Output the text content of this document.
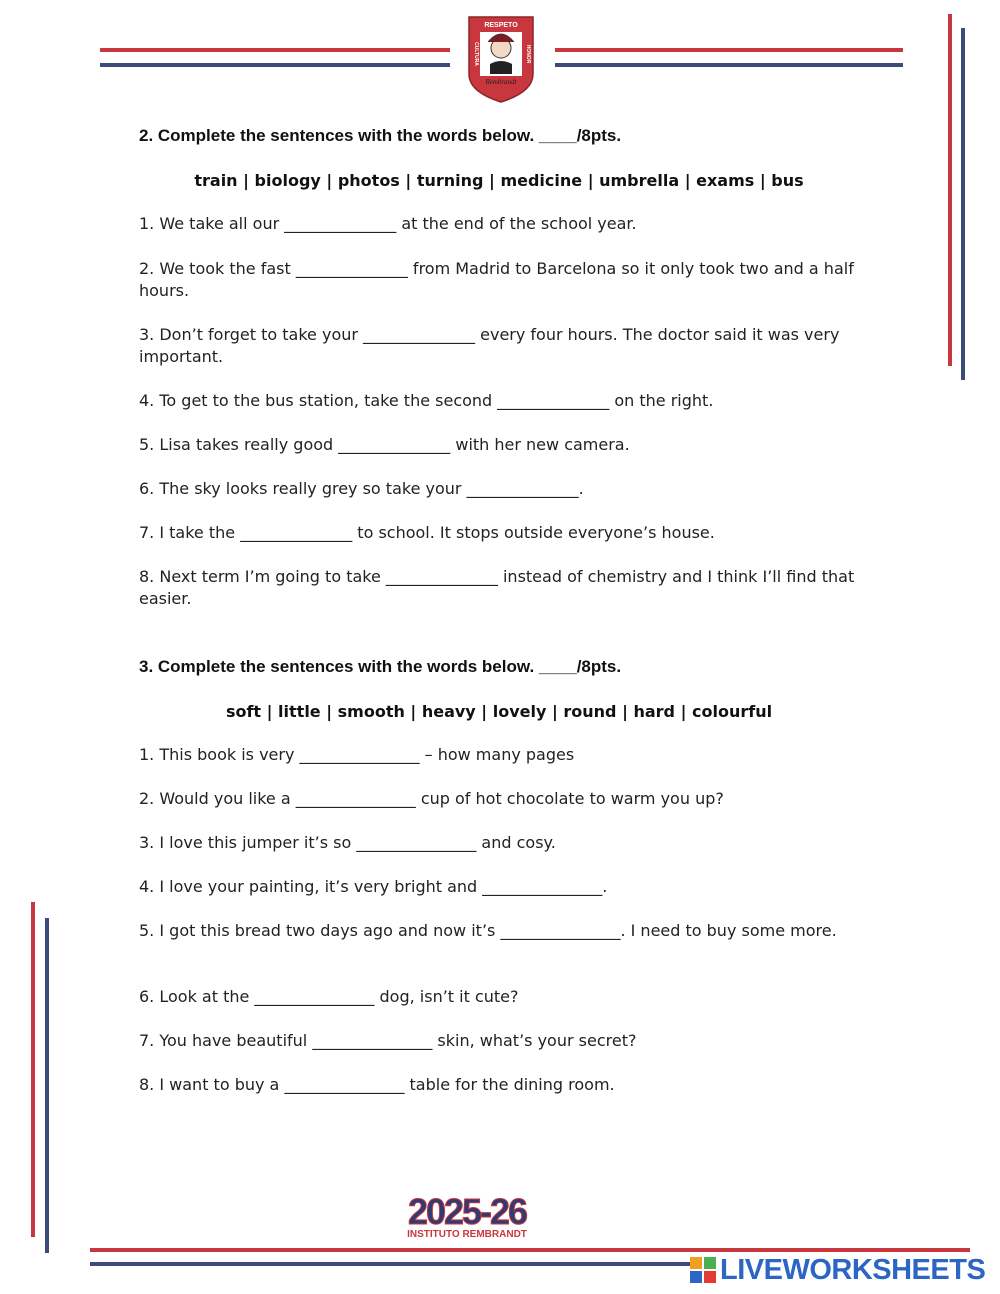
RESPETO
CULTURA	HONOR
Rembrandt
2. Complete the sentences with the words below. ____/8pts.
train | biology | photos | turning | medicine | umbrella | exams | bus
1. We take all our ______________ at the end of the school year.
2. We took the fast ______________ from Madrid to Barcelona so it only took two and a half hours.
3. Don’t forget to take your ______________ every four hours. The doctor said it was very important.
4. To get to the bus station, take the second ______________ on the right.
5. Lisa takes really good ______________ with her new camera.
6. The sky looks really grey so take your ______________.
7. I take the ______________ to school. It stops outside everyone’s house.
8. Next term I’m going to take ______________ instead of chemistry and I think I’ll find that easier.
3. Complete the sentences with the words below. ____/8pts.
soft | little | smooth | heavy | lovely | round | hard | colourful
1. This book is very _______________ – how many pages
2. Would you like a _______________ cup of hot chocolate to warm you up?
3. I love this jumper it’s so _______________ and cosy.
4. I love your painting, it’s very bright and _______________.
5. I got this bread two days ago and now it’s _______________. I need to buy some more.
6. Look at the _______________ dog, isn’t it cute?
7. You have beautiful _______________ skin, what’s your secret?
8. I want to buy a _______________ table for the dining room.
2025-26
INSTITUTO REMBRANDT
LIVEWORKSHEETS
